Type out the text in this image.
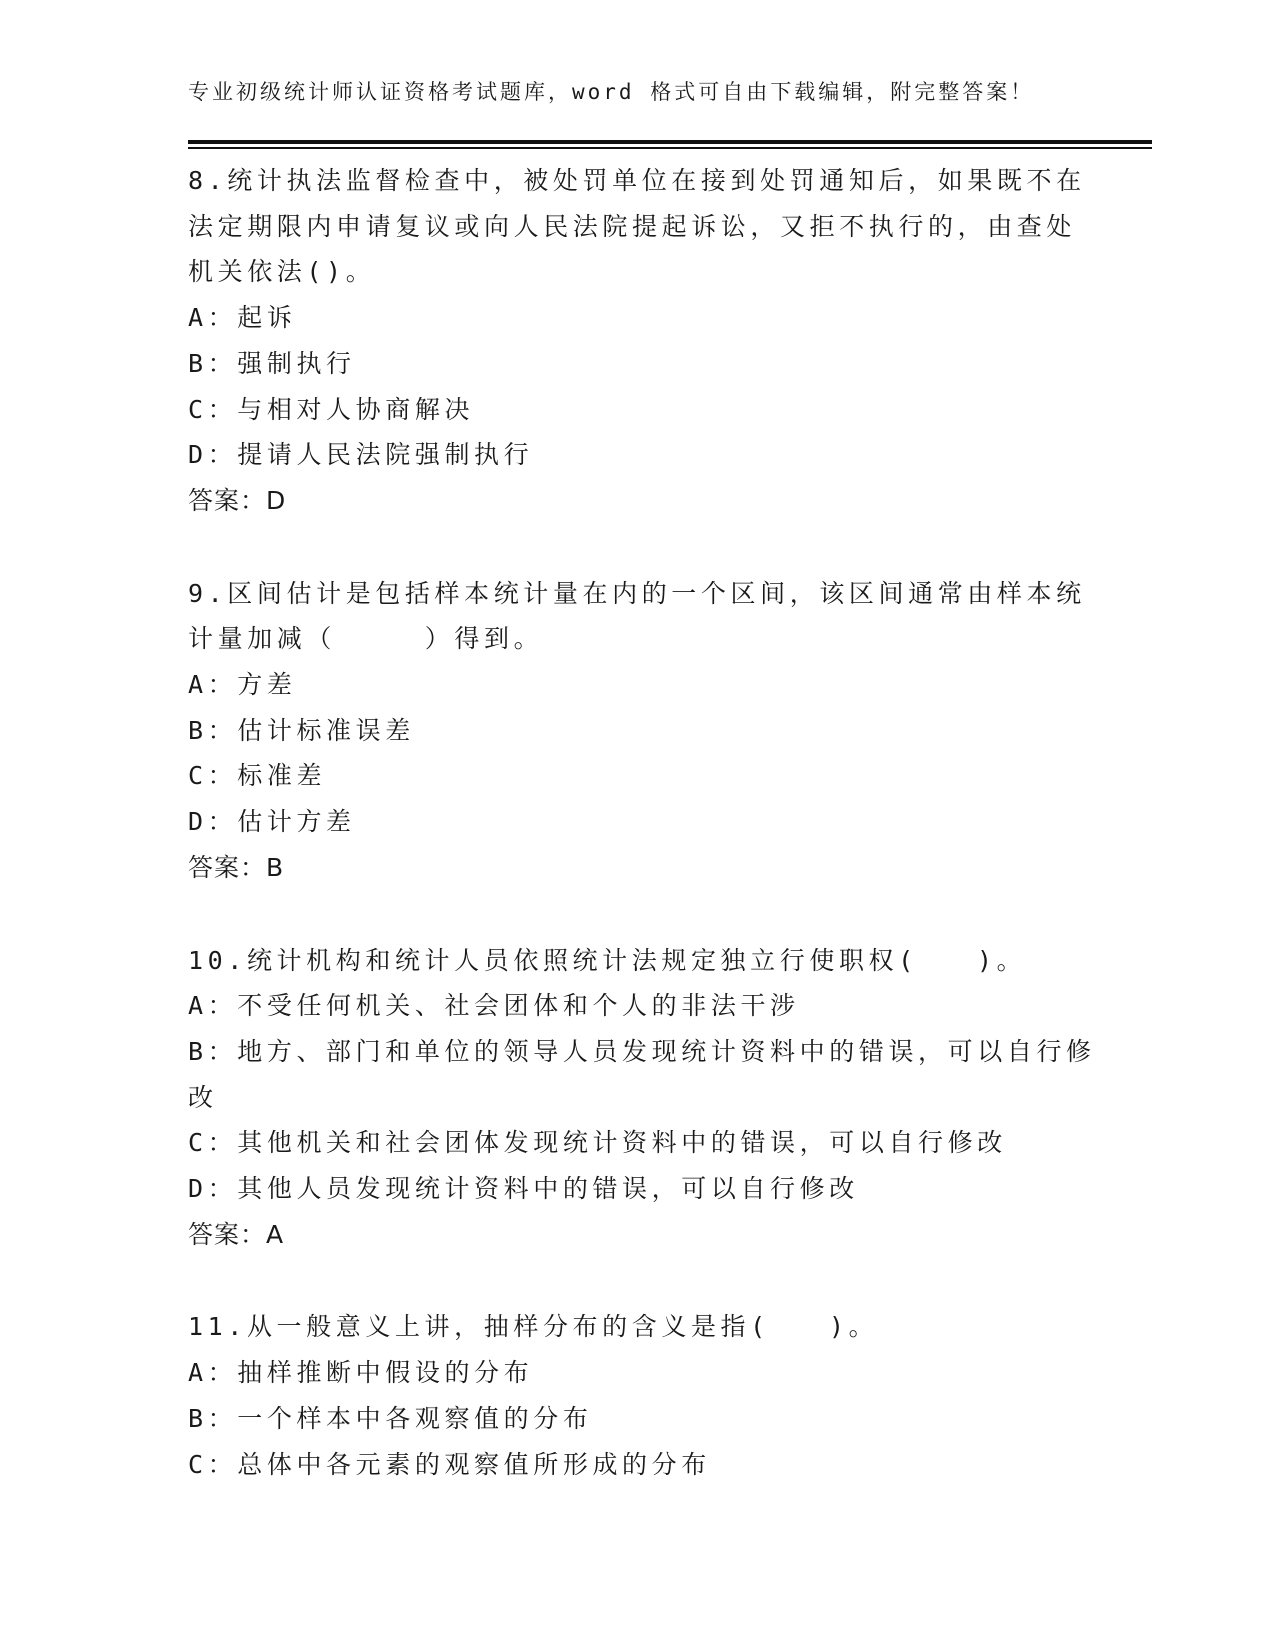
专业初级统计师认证资格考试题库，word 格式可自由下载编辑，附完整答案！
8.统计执法监督检查中，被处罚单位在接到处罚通知后，如果既不在
法定期限内申请复议或向人民法院提起诉讼，又拒不执行的，由查处
机关依法()。
A：起诉
B：强制执行
C：与相对人协商解决
D：提请人民法院强制执行
答案：D
9.区间估计是包括样本统计量在内的一个区间，该区间通常由样本统
计量加减（　　　）得到。
A：方差
B：估计标准误差
C：标准差
D：估计方差
答案：B
10.统计机构和统计人员依照统计法规定独立行使职权(　　)。
A：不受任何机关、社会团体和个人的非法干涉
B：地方、部门和单位的领导人员发现统计资料中的错误，可以自行修
改
C：其他机关和社会团体发现统计资料中的错误，可以自行修改
D：其他人员发现统计资料中的错误，可以自行修改
答案：A
11.从一般意义上讲，抽样分布的含义是指(　　)。
A：抽样推断中假设的分布
B：一个样本中各观察值的分布
C：总体中各元素的观察值所形成的分布
